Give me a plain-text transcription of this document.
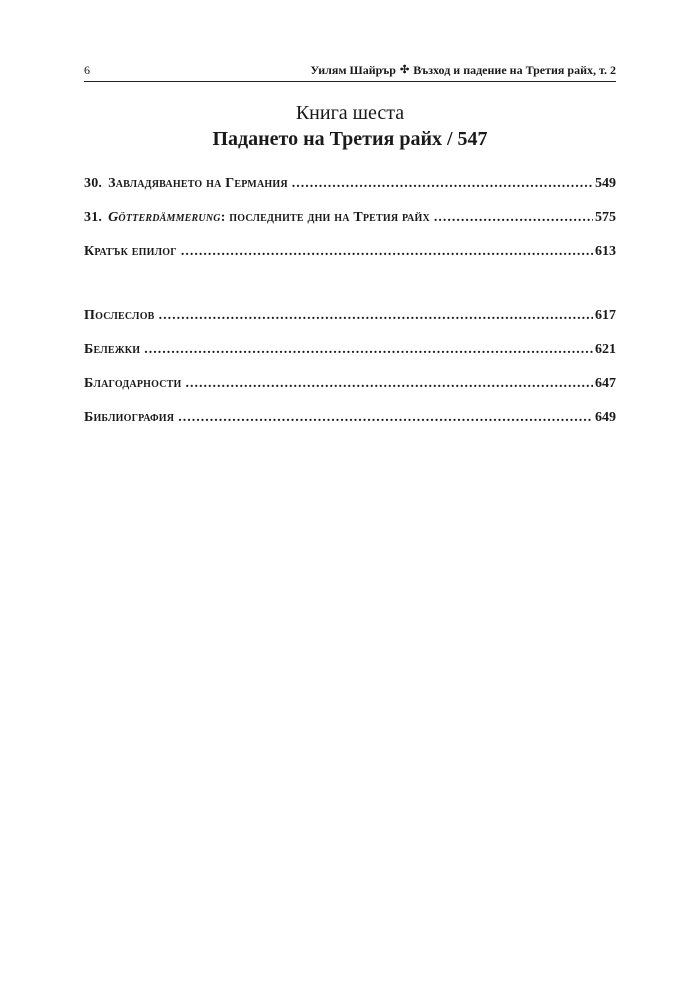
6	Уилям Шайрър ✣ Възход и падение на Третия райх, т. 2
Книга шеста
Падането на Третия райх / 547
30. Завладяването на Германия .....	549
31. Götterdämmerung: последните дни на Третия райх .....	575
Кратък епилог .....	613
Послеслов .....	617
Бележки .....	621
Благодарности .....	647
Библиография .....	649
